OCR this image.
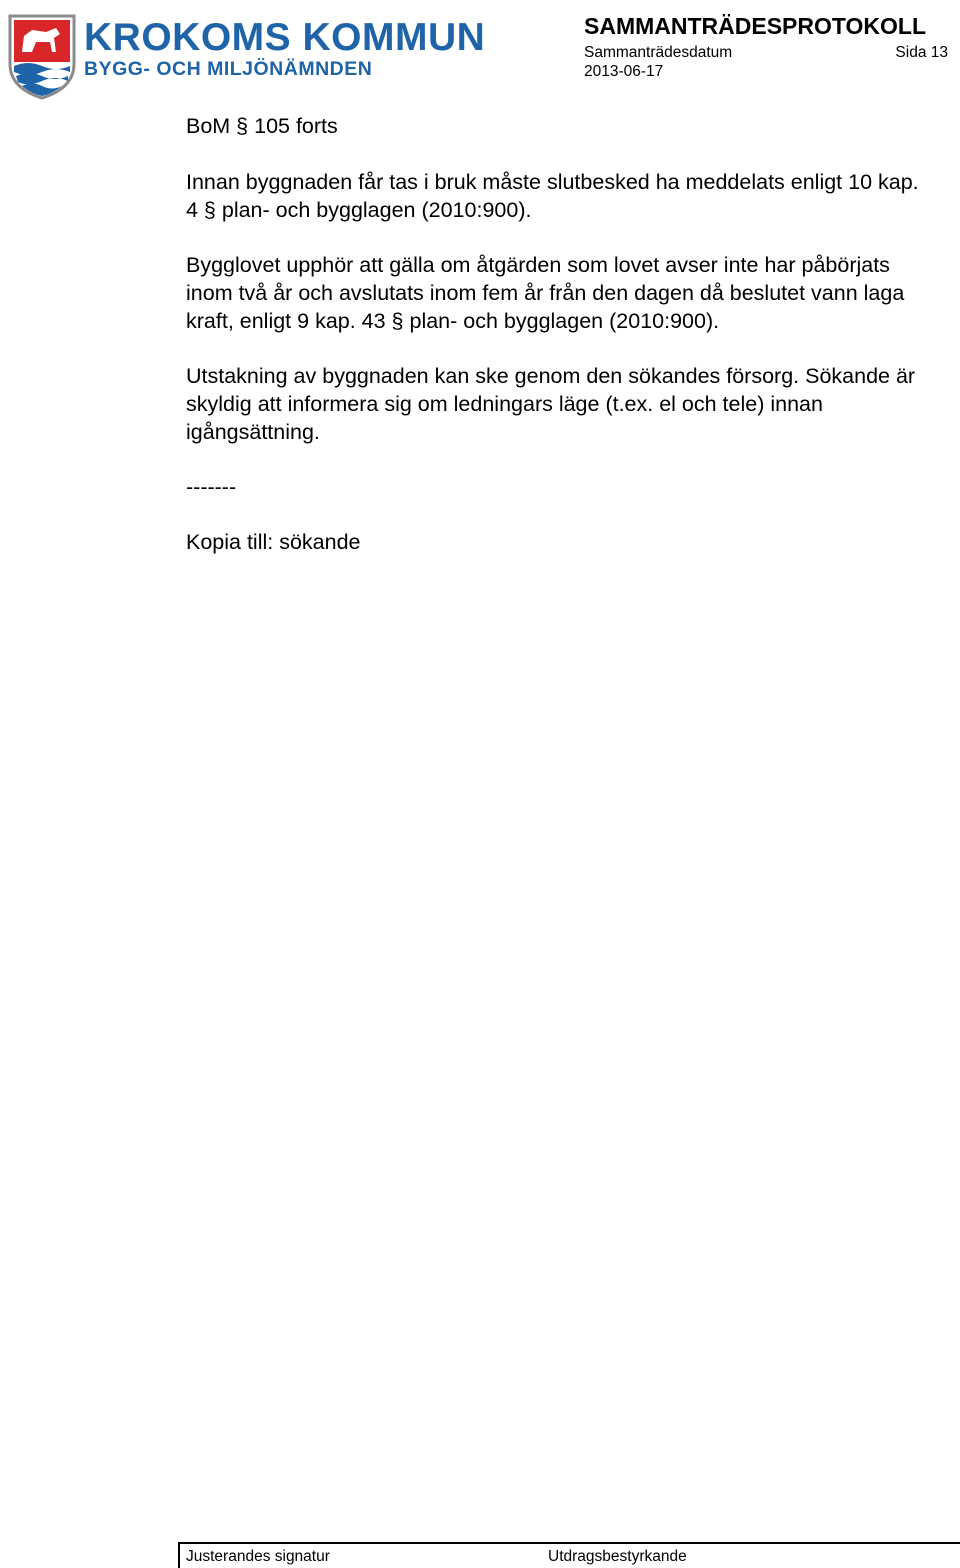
KROKOMS KOMMUN

BYGG- OCH MILJÖNÄMNDEN

SAMMANTRÄDESPROTOKOLL
Sammanträdesdatum	Sida 13
2013-06-17

BoM § 105 forts

Innan byggnaden får tas i bruk måste slutbesked ha meddelats enligt 10 kap. 4 § plan- och bygglagen (2010:900).

Bygglovet upphör att gälla om åtgärden som lovet avser inte har påbörjats inom två år och avslutats inom fem år från den dagen då beslutet vann laga kraft, enligt 9 kap. 43 § plan- och bygglagen (2010:900).

Utstakning av byggnaden kan ske genom den sökandes försorg. Sökande är skyldig att informera sig om ledningars läge (t.ex. el och tele) innan igångsättning.

-------

Kopia till: sökande

Justerandes signatur	Utdragsbestyrkande
